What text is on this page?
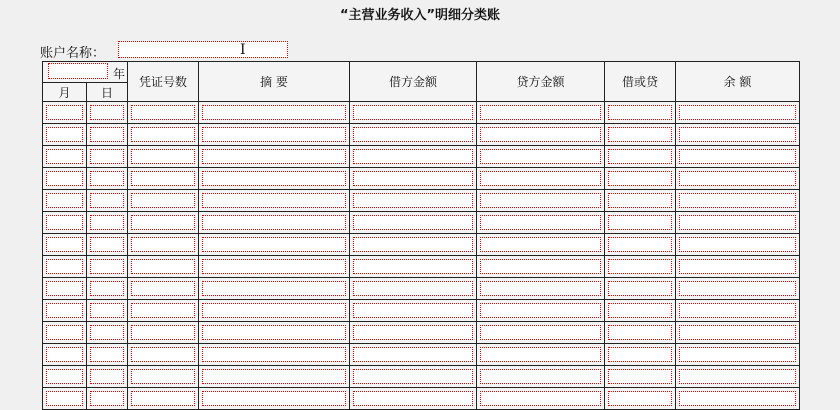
“主营业务收入”明细分类账
账户名称：	I
年		凭证号数	摘 要	借方金额	贷方金额	借或贷	余 额
月	日						
